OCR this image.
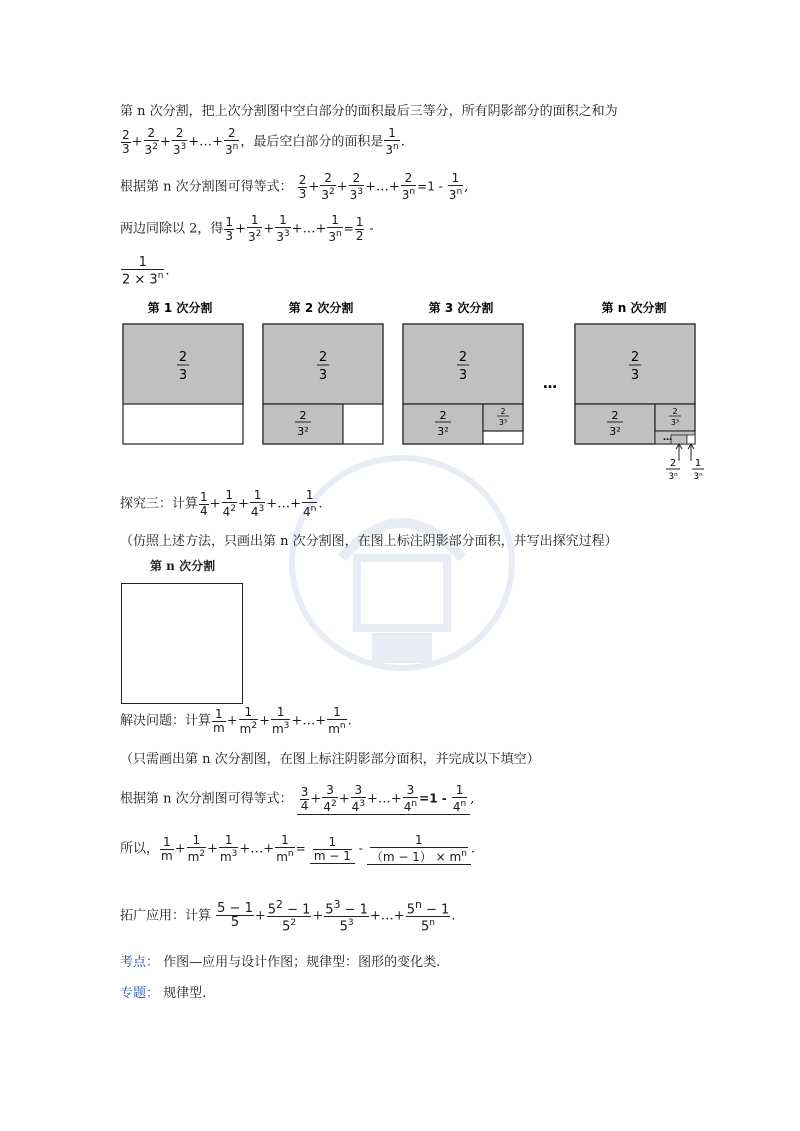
第 n 次分割，把上次分割图中空白部分的面积最后三等分，所有阴影部分的面积之和为
$\frac{2}{3} + \frac{2}{3^2} + \frac{2}{3^3}$ +…+ $\frac{2}{3^n}$ ，最后空白部分的面积是 $\frac{1}{3^n}$ .
根据第 n 次分割图可得等式： $\frac{2}{3} + \frac{2}{3^2} + \frac{2}{3^3}$ +…+ $\frac{2}{3^n} =1 - \frac{1}{3^n}$ ,
两边同除以 2，得 $\frac{1}{3} + \frac{1}{3^2} + \frac{1}{3^3}$ +…+ $\frac{1}{3^n} = \frac{1}{2}$ -
$\frac{1}{2 \times 3^n}$ .
第 1 次分割	第 2 次分割	第 3 次分割	第 n 次分割
2
3
2
3
2
3²
2
3
2
3²
2
3³
…
…
2
3
2
3²
2
3³
2
3ⁿ
1
3ⁿ
探究三：计算 $\frac{1}{4} + \frac{1}{4^2} + \frac{1}{4^3}$ +…+ $\frac{1}{4^n}$ .
（仿照上述方法，只画出第 n 次分割图，在图上标注阴影部分面积，并写出探究过程）
第 n 次分割
解决问题：计算 $\frac{1}{m} + \frac{1}{m^2} + \frac{1}{m^3}$ +…+ $\frac{1}{m^n}$ .
（只需画出第 n 次分割图，在图上标注阴影部分面积，并完成以下填空）
根据第 n 次分割图可得等式： $\frac{3}{4} + \frac{3}{4^2} + \frac{3}{4^3}$ +…+ $\frac{3}{4^n} =1 - \frac{1}{4^n}$ ,
所以， $\frac{1}{m} + \frac{1}{m^2} + \frac{1}{m^3}$ +…+ $\frac{1}{m^n} = \frac{1}{m - 1} - \frac{1}{(m - 1) \times m^n}$ .
拓广应用：计算 $\frac{5 - 1}{5} + \frac{5^2 - 1}{5^2} + \frac{5^3 - 1}{5^3}$ +…+ $\frac{5^n - 1}{5^n}$ .
考点： 作图—应用与设计作图；规律型：图形的变化类.
专题： 规律型.
